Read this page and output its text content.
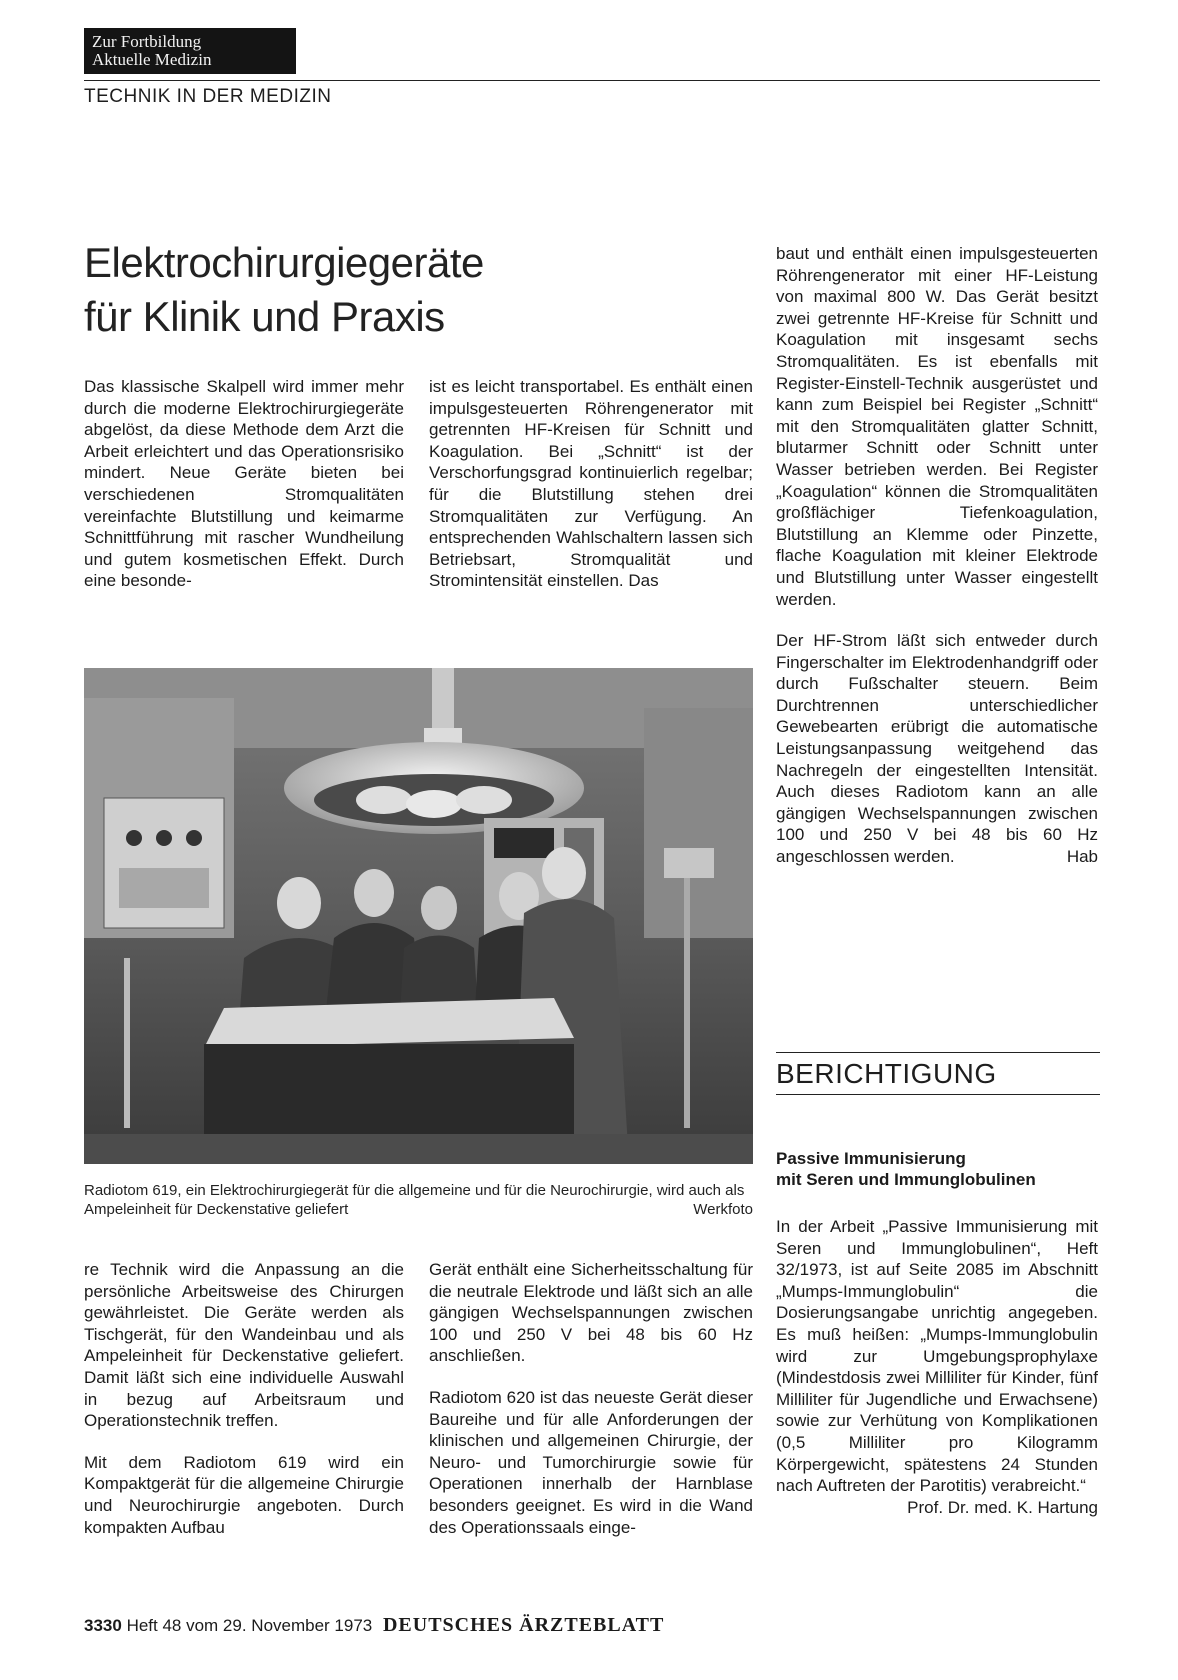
Zur Fortbildung
Aktuelle Medizin
TECHNIK IN DER MEDIZIN
Elektrochirurgiegeräte
für Klinik und Praxis

Das klassische Skalpell wird immer mehr durch die moderne Elektrochirurgiegeräte abgelöst, da diese Methode dem Arzt die Arbeit erleichtert und das Operationsrisiko mindert. Neue Geräte bieten bei verschiedenen Stromqualitäten vereinfachte Blutstillung und keimarme Schnittführung mit rascher Wundheilung und gutem kosmetischen Effekt. Durch eine besonde-

ist es leicht transportabel. Es enthält einen impulsgesteuerten Röhrengenerator mit getrennten HF-Kreisen für Schnitt und Koagulation. Bei „Schnitt“ ist der Verschorfungsgrad kontinuierlich regelbar; für die Blutstillung stehen drei Stromqualitäten zur Verfügung. An entsprechenden Wahlschaltern lassen sich Betriebsart, Stromqualität und Stromintensität einstellen. Das

baut und enthält einen impulsgesteuerten Röhrengenerator mit einer HF-Leistung von maximal 800 W. Das Gerät besitzt zwei getrennte HF-Kreise für Schnitt und Koagulation mit insgesamt sechs Stromqualitäten. Es ist ebenfalls mit Register-Einstell-Technik ausgerüstet und kann zum Beispiel bei Register „Schnitt“ mit den Stromqualitäten glatter Schnitt, blutarmer Schnitt oder Schnitt unter Wasser betrieben werden. Bei Register „Koagulation“ können die Stromqualitäten großflächiger Tiefenkoagulation, Blutstillung an Klemme oder Pinzette, flache Koagulation mit kleiner Elektrode und Blutstillung unter Wasser eingestellt werden.

Der HF-Strom läßt sich entweder durch Fingerschalter im Elektrodenhandgriff oder durch Fußschalter steuern. Beim Durchtrennen unterschiedlicher Gewebearten erübrigt die automatische Leistungsanpassung weitgehend das Nachregeln der eingestellten Intensität. Auch dieses Radiotom kann an alle gängigen Wechselspannungen zwischen 100 und 250 V bei 48 bis 60 Hz angeschlossen werden.	Hab

Radiotom 619, ein Elektrochirurgiegerät für die allgemeine und für die Neurochirurgie, wird auch als Ampeleinheit für Deckenstative geliefert	Werkfoto

re Technik wird die Anpassung an die persönliche Arbeitsweise des Chirurgen gewährleistet. Die Geräte werden als Tischgerät, für den Wandeinbau und als Ampeleinheit für Deckenstative geliefert. Damit läßt sich eine individuelle Auswahl in bezug auf Arbeitsraum und Operationstechnik treffen.

Mit dem Radiotom 619 wird ein Kompaktgerät für die allgemeine Chirurgie und Neurochirurgie angeboten. Durch kompakten Aufbau

Gerät enthält eine Sicherheitsschaltung für die neutrale Elektrode und läßt sich an alle gängigen Wechselspannungen zwischen 100 und 250 V bei 48 bis 60 Hz anschließen.

Radiotom 620 ist das neueste Gerät dieser Baureihe und für alle Anforderungen der klinischen und allgemeinen Chirurgie, der Neuro- und Tumorchirurgie sowie für Operationen innerhalb der Harnblase besonders geeignet. Es wird in die Wand des Operationssaals einge-

BERICHTIGUNG
Passive Immunisierung
mit Seren und Immunglobulinen

In der Arbeit „Passive Immunisierung mit Seren und Immunglobulinen“, Heft 32/1973, ist auf Seite 2085 im Abschnitt „Mumps-Immunglobulin“ die Dosierungsangabe unrichtig angegeben. Es muß heißen: „Mumps-Immunglobulin wird zur Umgebungsprophylaxe (Mindestdosis zwei Milliliter für Kinder, fünf Milliliter für Jugendliche und Erwachsene) sowie zur Verhütung von Komplikationen (0,5 Milliliter pro Kilogramm Körpergewicht, spätestens 24 Stunden nach Auftreten der Parotitis) verabreicht.“
Prof. Dr. med. K. Hartung

3330 Heft 48 vom 29. November 1973 DEUTSCHES ÄRZTEBLATT
